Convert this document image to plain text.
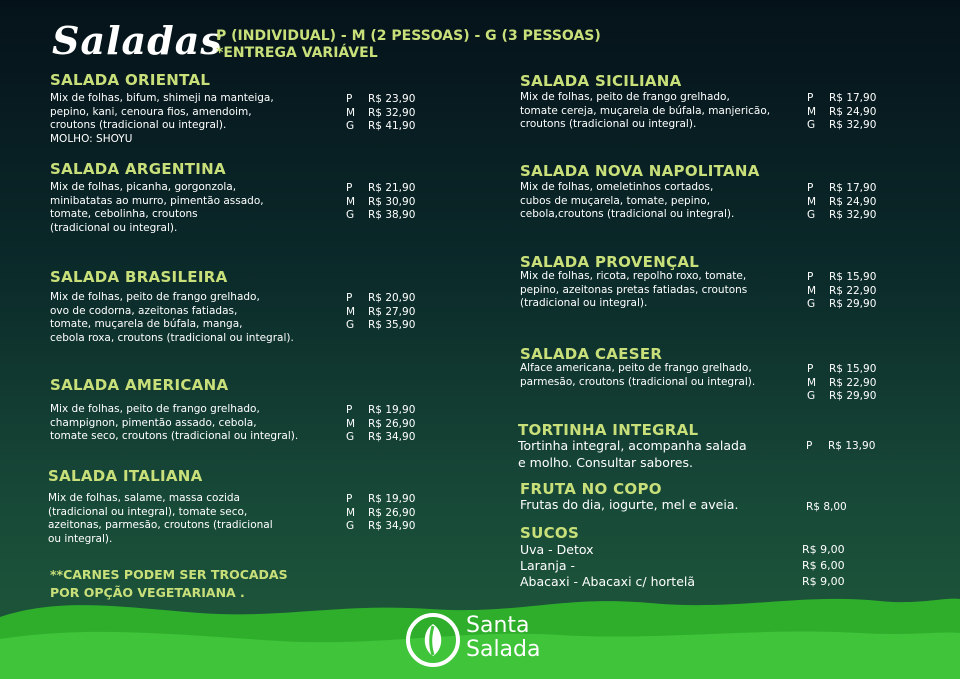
Saladas
P (INDIVIDUAL) - M (2 PESSOAS) - G (3 PESSOAS)
*ENTREGA VARIÁVEL
SALADA ORIENTAL
Mix de folhas, bifum, shimeji na manteiga,
pepino, kani, cenoura fios, amendoim,
croutons (tradicional ou integral).
MOLHO: SHOYU
P R$ 23,90
M R$ 32,90
G R$ 41,90
SALADA ARGENTINA
Mix de folhas, picanha, gorgonzola,
minibatatas ao murro, pimentão assado,
tomate, cebolinha, croutons
(tradicional ou integral).
P R$ 21,90
M R$ 30,90
G R$ 38,90
SALADA BRASILEIRA
Mix de folhas, peito de frango grelhado,
ovo de codorna, azeitonas fatiadas,
tomate, muçarela de búfala, manga,
cebola roxa, croutons (tradicional ou integral).
P R$ 20,90
M R$ 27,90
G R$ 35,90
SALADA AMERICANA
Mix de folhas, peito de frango grelhado,
champignon, pimentão assado, cebola,
tomate seco, croutons (tradicional ou integral).
P R$ 19,90
M R$ 26,90
G R$ 34,90
SALADA ITALIANA
Mix de folhas, salame, massa cozida
(tradicional ou integral), tomate seco,
azeitonas, parmesão, croutons (tradicional
ou integral).
P R$ 19,90
M R$ 26,90
G R$ 34,90
SALADA SICILIANA
Mix de folhas, peito de frango grelhado,
tomate cereja, muçarela de búfala, manjericão,
croutons (tradicional ou integral).
P R$ 17,90
M R$ 24,90
G R$ 32,90
SALADA NOVA NAPOLITANA
Mix de folhas, omeletinhos cortados,
cubos de muçarela, tomate, pepino,
cebola,croutons (tradicional ou integral).
P R$ 17,90
M R$ 24,90
G R$ 32,90
SALADA PROVENÇAL
Mix de folhas, ricota, repolho roxo, tomate,
pepino, azeitonas pretas fatiadas, croutons
(tradicional ou integral).
P R$ 15,90
M R$ 22,90
G R$ 29,90
SALADA CAESER
Alface americana, peito de frango grelhado,
parmesão, croutons (tradicional ou integral).
P R$ 15,90
M R$ 22,90
G R$ 29,90
TORTINHA INTEGRAL
Tortinha integral, acompanha salada
e molho. Consultar sabores.
P R$ 13,90
FRUTA NO COPO
Frutas do dia, iogurte, mel e aveia.	R$ 8,00
SUCOS
Uva - Detox	R$ 9,00
Laranja -	R$ 6,00
Abacaxi - Abacaxi c/ hortelã	R$ 9,00
**CARNES PODEM SER TROCADAS
POR OPÇÃO VEGETARIANA .
Santa
Salada
